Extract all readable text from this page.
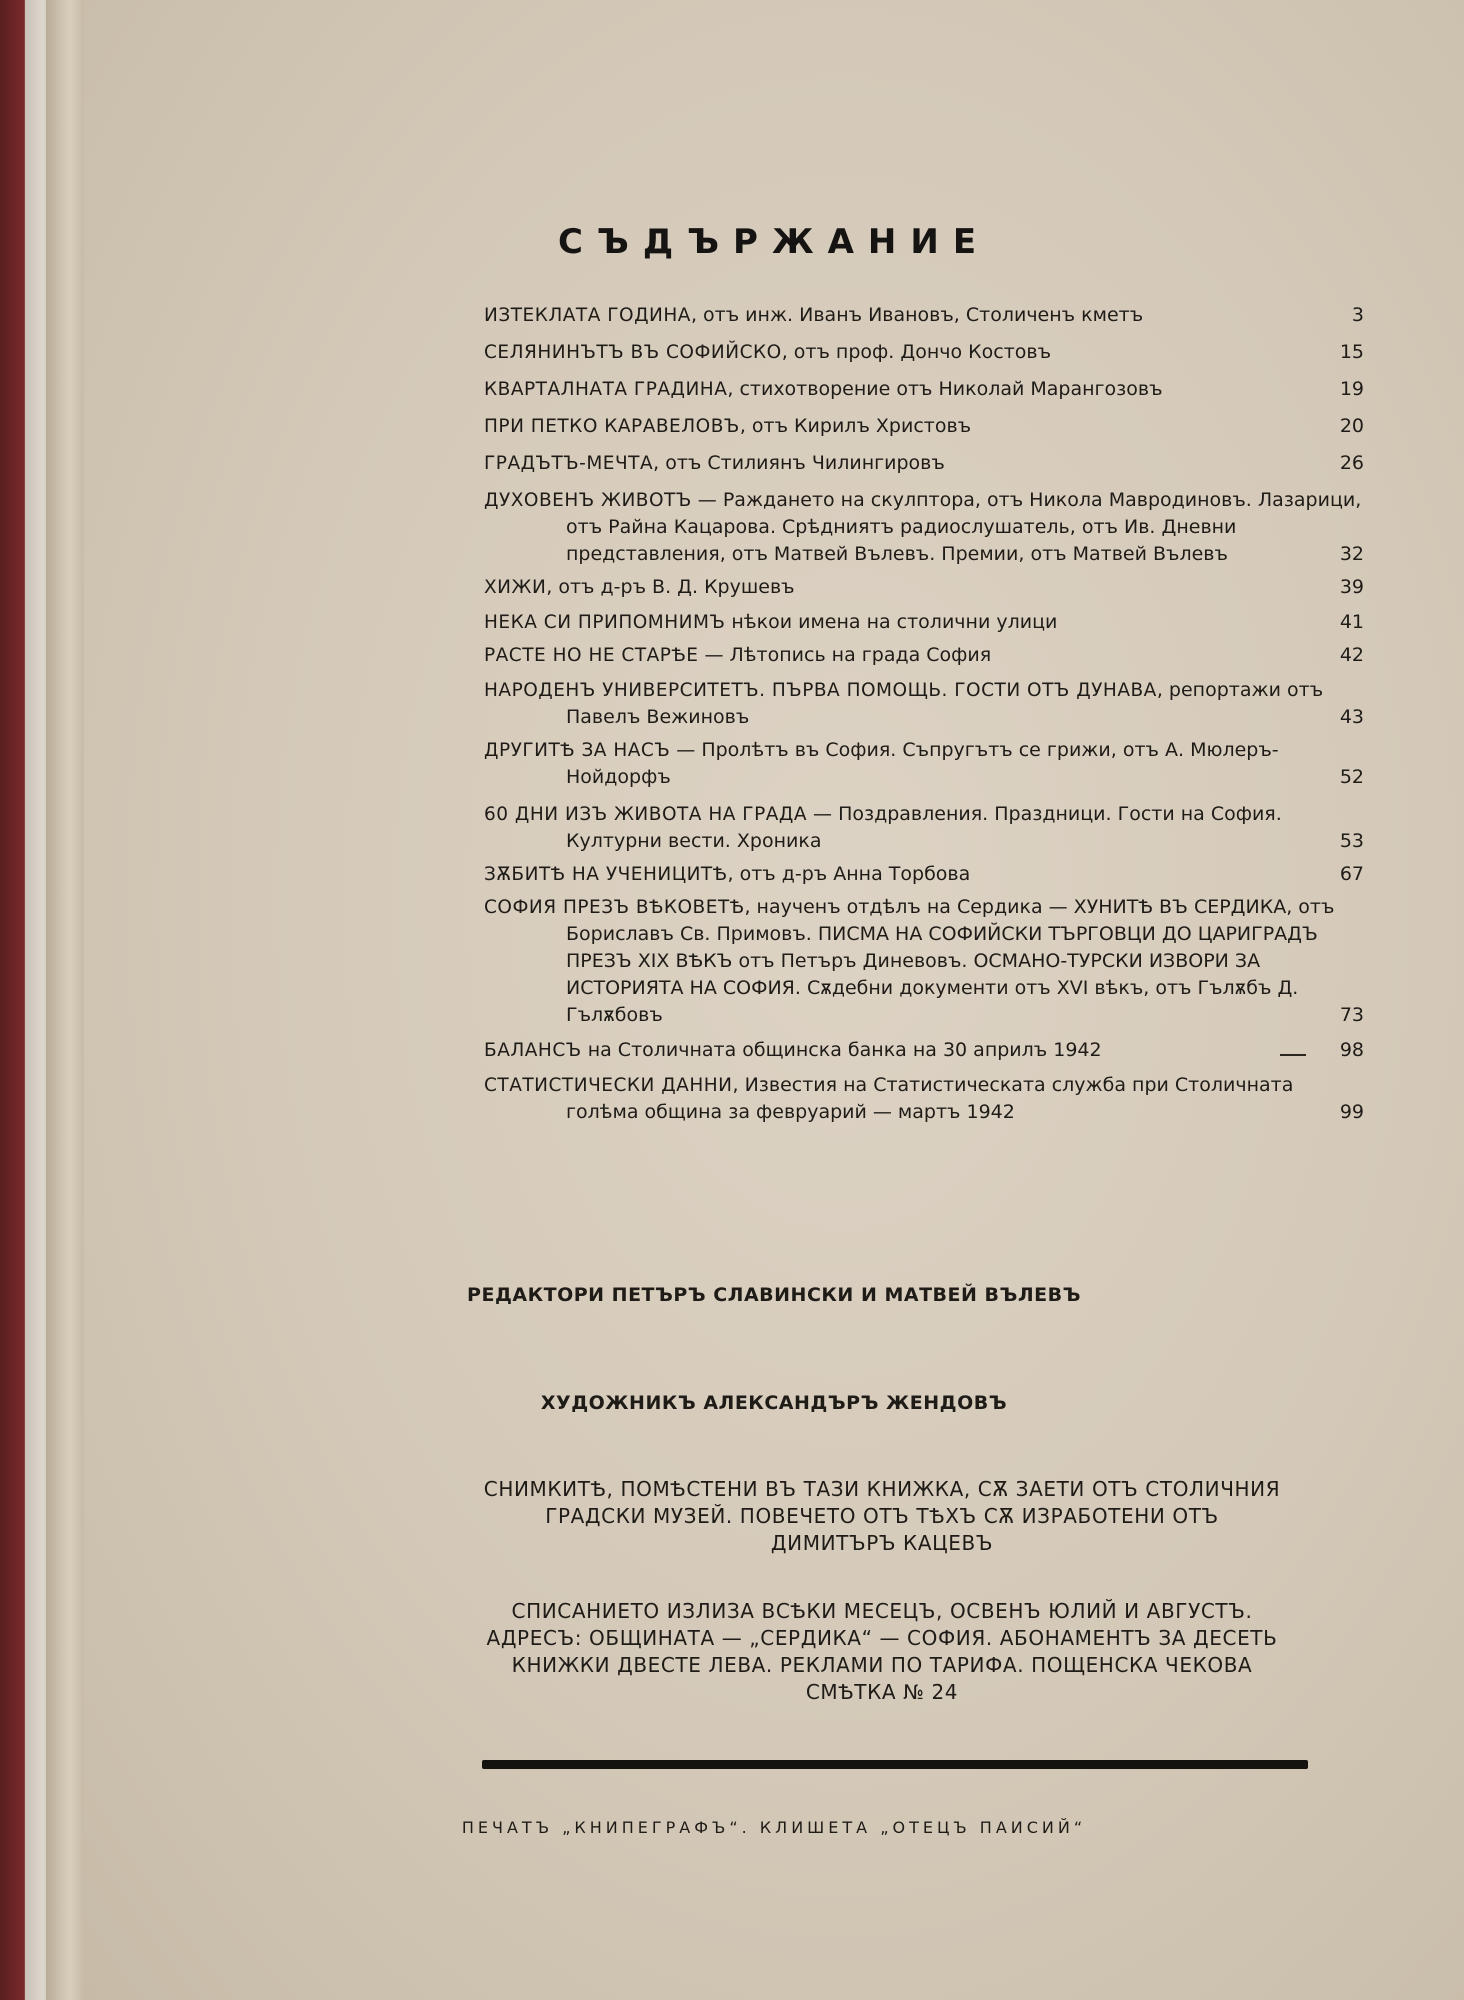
СЪДЪРЖАНИЕ
ИЗТЕКЛАТА ГОДИНА, отъ инж. Иванъ Ивановъ, Столиченъ кметъ	3
СЕЛЯНИНЪТЪ ВЪ СОФИЙСКО, отъ проф. Дончо Костовъ	15
КВАРТАЛНАТА ГРАДИНА, стихотворение отъ Николай Марангозовъ	19
ПРИ ПЕТКО КАРАВЕЛОВЪ, отъ Кирилъ Христовъ	20
ГРАДЪТЪ-МЕЧТА, отъ Стилиянъ Чилингировъ	26
ДУХОВЕНЪ ЖИВОТЪ — Раждането на скулптора, отъ Никола Мавродиновъ. Лазарици, отъ Райна Кацарова. Срѣдниятъ радиослушатель, отъ Ив. Дневни представления, отъ Матвей Вълевъ. Премии, отъ Матвей Вълевъ	32
ХИЖИ, отъ д-ръ В. Д. Крушевъ	39
НЕКА СИ ПРИПОМНИМЪ нѣкои имена на столични улици	41
РАСТЕ НО НЕ СТАРѢЕ — Лѣтопись на града София	42
НАРОДЕНЪ УНИВЕРСИТЕТЪ. ПЪРВА ПОМОЩЬ. ГОСТИ ОТЪ ДУНАВА, репортажи отъ Павелъ Вежиновъ	43
ДРУГИТѢ ЗА НАСЪ — Пролѣтъ въ София. Съпругътъ се грижи, отъ А. Мюлеръ-Нойдорфъ	52
60 ДНИ ИЗЪ ЖИВОТА НА ГРАДА — Поздравления. Праздници. Гости на София. Културни вести. Хроника	53
ЗѪБИТѢ НА УЧЕНИЦИТѢ, отъ д-ръ Анна Торбова	67
СОФИЯ ПРЕЗЪ ВѢКОВЕТѢ, наученъ отдѣлъ на Сердика — ХУНИТѢ ВЪ СЕРДИКА, отъ Бориславъ Св. Примовъ. ПИСМА НА СОФИЙСКИ ТЪРГОВЦИ ДО ЦАРИГРАДЪ ПРЕЗЪ XIX ВѢКЪ отъ Петъръ Диневовъ. ОСМАНО-ТУРСКИ ИЗВОРИ ЗА ИСТОРИЯТА НА СОФИЯ. Сѫдебни документи отъ XVI вѣкъ, отъ Гълѫбъ Д. Гълѫбовъ	73
БАЛАНСЪ на Столичната общинска банка на 30 априлъ 1942	98
СТАТИСТИЧЕСКИ ДАННИ, Известия на Статистическата служба при Столичната голѣма община за февруарий — мартъ 1942	99
РЕДАКТОРИ ПЕТЪРЪ СЛАВИНСКИ И МАТВЕЙ ВЪЛЕВЪ
ХУДОЖНИКЪ АЛЕКСАНДЪРЪ ЖЕНДОВЪ
СНИМКИТѢ, ПОМѢСТЕНИ ВЪ ТАЗИ КНИЖКА, СѪ ЗАЕТИ ОТЪ СТОЛИЧНИЯ ГРАДСКИ МУЗЕЙ. ПОВЕЧЕТО ОТЪ ТѢХЪ СѪ ИЗРАБОТЕНИ ОТЪ ДИМИТЪРЪ КАЦЕВЪ
СПИСАНИЕТО ИЗЛИЗА ВСѢКИ МЕСЕЦЪ, ОСВЕНЪ ЮЛИЙ И АВГУСТЪ. АДРЕСЪ: ОБЩИНАТА — „СЕРДИКА“ — СОФИЯ. АБОНАМЕНТЪ ЗА ДЕСЕТЬ КНИЖКИ ДВЕСТЕ ЛЕВА. РЕКЛАМИ ПО ТАРИФА. ПОЩЕНСКА ЧЕКОВА СМѢТКА № 24
ПЕЧАТЪ „КНИПЕГРАФЪ“. КЛИШЕТА „ОТЕЦЪ ПАИСИЙ“
